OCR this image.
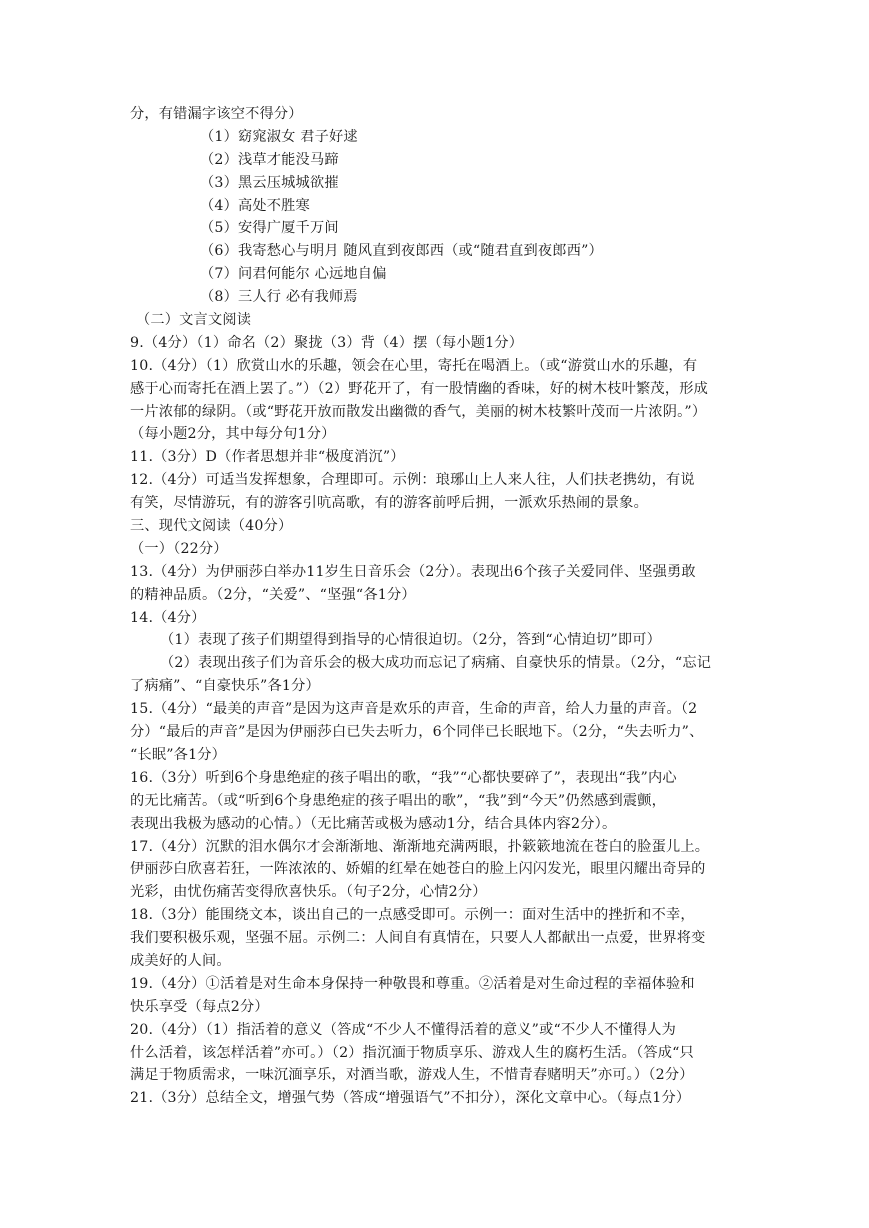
分，有错漏字该空不得分）
（1）窈窕淑女 君子好逑
（2）浅草才能没马蹄
（3）黑云压城城欲摧
（4）高处不胜寒
（5）安得广厦千万间
（6）我寄愁心与明月 随风直到夜郎西（或“随君直到夜郎西”）
（7）问君何能尔 心远地自偏
（8）三人行 必有我师焉
（二）文言文阅读
9.（4分）（1）命名（2）聚拢（3）背（4）摆（每小题1分）
10.（4分）（1）欣赏山水的乐趣，领会在心里，寄托在喝酒上。（或“游赏山水的乐趣，有
感于心而寄托在酒上罢了。”）（2）野花开了，有一股情幽的香味，好的树木枝叶繁茂，形成
一片浓郁的绿阴。（或“野花开放而散发出幽微的香气，美丽的树木枝繁叶茂而一片浓阴。”）
（每小题2分，其中每分句1分）
11.（3分）D（作者思想并非“极度消沉”）
12.（4分）可适当发挥想象，合理即可。示例：琅琊山上人来人往，人们扶老携幼，有说
有笑，尽情游玩，有的游客引吭高歌，有的游客前呼后拥，一派欢乐热闹的景象。
三、现代文阅读（40分）
（一）（22分）
13.（4分）为伊丽莎白举办11岁生日音乐会（2分）。表现出6个孩子关爱同伴、坚强勇敢
的精神品质。（2分，“关爱”、“坚强“各1分）
14.（4分）
（1）表现了孩子们期望得到指导的心情很迫切。（2分，答到“心情迫切”即可）
（2）表现出孩子们为音乐会的极大成功而忘记了病痛、自豪快乐的情景。（2分，“忘记
了病痛”、“自豪快乐”各1分）
15.（4分）“最美的声音”是因为这声音是欢乐的声音，生命的声音，给人力量的声音。（2
分）“最后的声音”是因为伊丽莎白已失去听力，6个同伴已长眠地下。（2分，“失去听力”、
“长眠”各1分）
16.（3分）听到6个身患绝症的孩子唱出的歌，“我”“心都快要碎了”，表现出“我”内心
的无比痛苦。（或“听到6个身患绝症的孩子唱出的歌”，“我”到“今天”仍然感到震颤，
表现出我极为感动的心情。）（无比痛苦或极为感动1分，结合具体内容2分）。
17.（4分）沉默的泪水偶尔才会渐渐地、渐渐地充满两眼，扑簌簌地流在苍白的脸蛋儿上。
伊丽莎白欣喜若狂，一阵浓浓的、娇媚的红晕在她苍白的脸上闪闪发光，眼里闪耀出奇异的
光彩，由忧伤痛苦变得欣喜快乐。（句子2分，心情2分）
18.（3分）能围绕文本，谈出自己的一点感受即可。示例一：面对生活中的挫折和不幸，
我们要积极乐观，坚强不屈。示例二：人间自有真情在，只要人人都献出一点爱，世界将变
成美好的人间。
19.（4分）①活着是对生命本身保持一种敬畏和尊重。②活着是对生命过程的幸福体验和
快乐享受（每点2分）
20.（4分）（1）指活着的意义（答成“不少人不懂得活着的意义”或“不少人不懂得人为
什么活着，该怎样活着”亦可。）（2）指沉湎于物质享乐、游戏人生的腐朽生活。（答成“只
满足于物质需求，一味沉湎享乐，对酒当歌，游戏人生，不惜青春赌明天”亦可。）（2分）
21.（3分）总结全文，增强气势（答成“增强语气”不扣分），深化文章中心。（每点1分）
